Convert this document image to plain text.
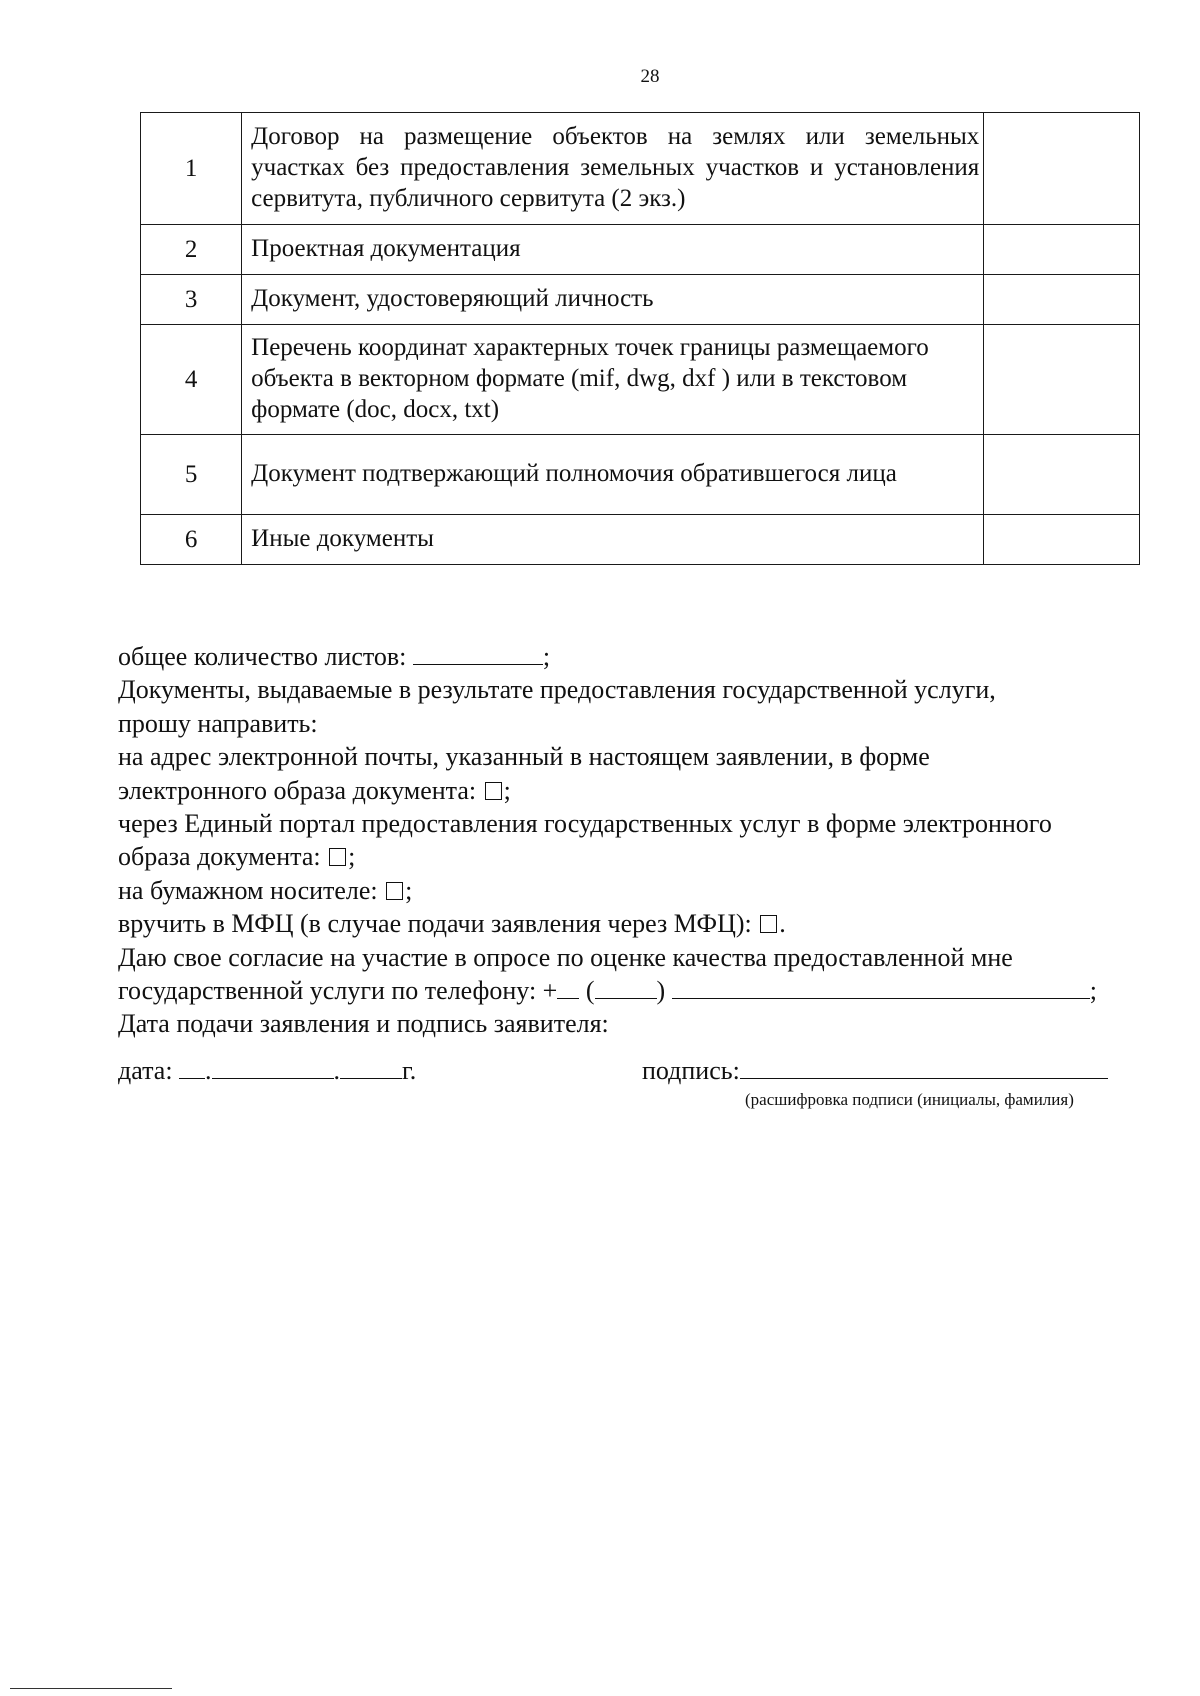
28
1	Договор на размещение объектов на землях или земельных участках без предоставления земельных участков и установления сервитута, публичного сервитута (2 экз.)	
2	Проектная документация	
3	Документ, удостоверяющий личность	
4	Перечень координат характерных точек границы размещаемого объекта в векторном формате (mif, dwg, dxf ) или в текстовом формате (doc, docx, txt)	
5	Документ подтвержающий полномочия обратившегося лица	
6	Иные документы	
общее количество листов:	;
Документы, выдаваемые в результате предоставления государственной услуги,
прошу направить:
на адрес электронной почты, указанный в настоящем заявлении, в форме
электронного образа документа: ;
через Единый портал предоставления государственных услуг в форме электронного
образа документа: ;
на бумажном носителе: ;
вручить в МФЦ (в случае подачи заявления через МФЦ): .
Даю свое согласие на участие в опросе по оценке качества предоставленной мне
государственной услуги по телефону: + ( )	;
Дата подачи заявления и подпись заявителя:
дата: .	. г.	подпись:
(расшифровка подписи (инициалы, фамилия)
